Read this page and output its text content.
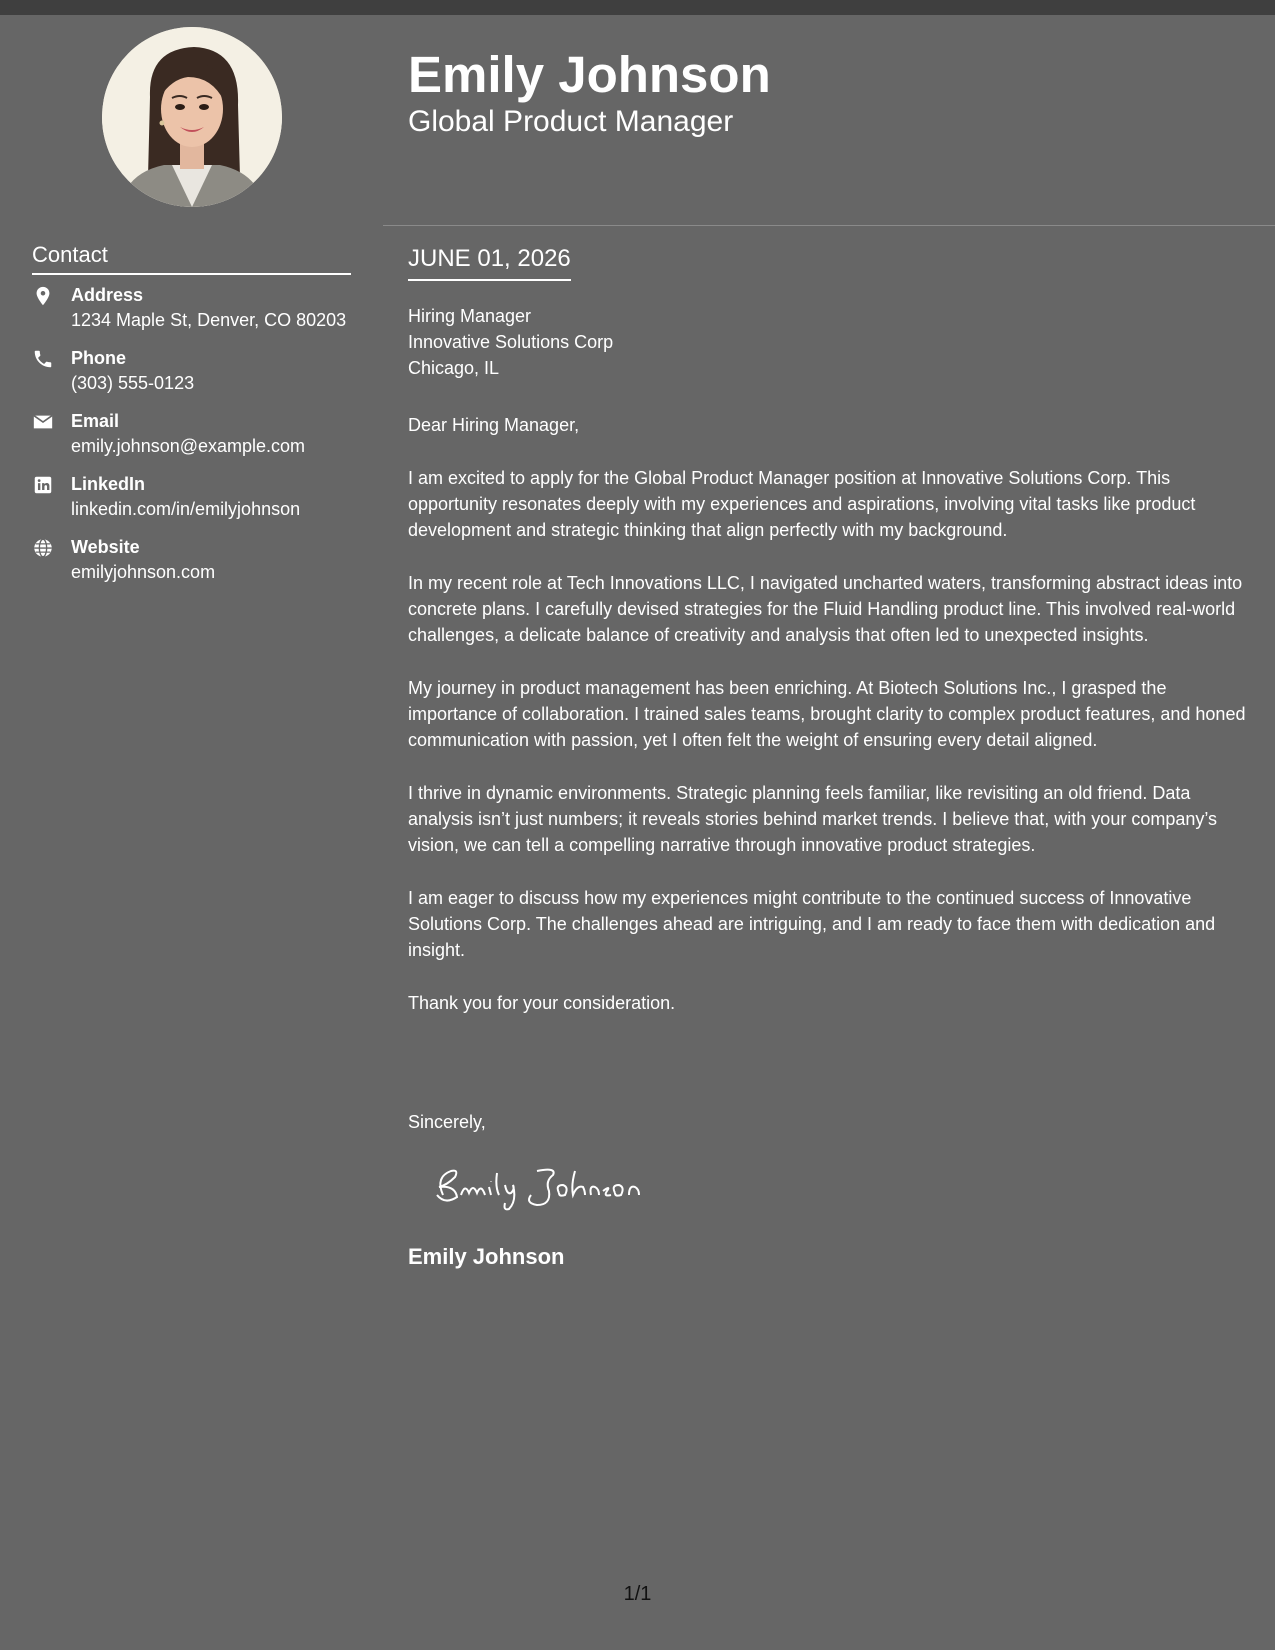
Contact
Address
1234 Maple St, Denver, CO 80203
Phone
(303) 555-0123
Email
emily.johnson@example.com
LinkedIn
linkedin.com/in/emilyjohnson
Website
emilyjohnson.com
Emily Johnson
Global Product Manager
JUNE 01, 2026
Hiring Manager
Innovative Solutions Corp
Chicago, IL

Dear Hiring Manager,

I am excited to apply for the Global Product Manager position at Innovative Solutions Corp. This opportunity resonates deeply with my experiences and aspirations, involving vital tasks like product development and strategic thinking that align perfectly with my background.

In my recent role at Tech Innovations LLC, I navigated uncharted waters, transforming abstract ideas into concrete plans. I carefully devised strategies for the Fluid Handling product line. This involved real-world challenges, a delicate balance of creativity and analysis that often led to unexpected insights.

My journey in product management has been enriching. At Biotech Solutions Inc., I grasped the importance of collaboration. I trained sales teams, brought clarity to complex product features, and honed communication with passion, yet I often felt the weight of ensuring every detail aligned.

I thrive in dynamic environments. Strategic planning feels familiar, like revisiting an old friend. Data analysis isn’t just numbers; it reveals stories behind market trends. I believe that, with your company’s vision, we can tell a compelling narrative through innovative product strategies.

I am eager to discuss how my experiences might contribute to the continued success of Innovative Solutions Corp. The challenges ahead are intriguing, and I am ready to face them with dedication and insight.

Thank you for your consideration.

Sincerely,
Emily Johnson
1/1
